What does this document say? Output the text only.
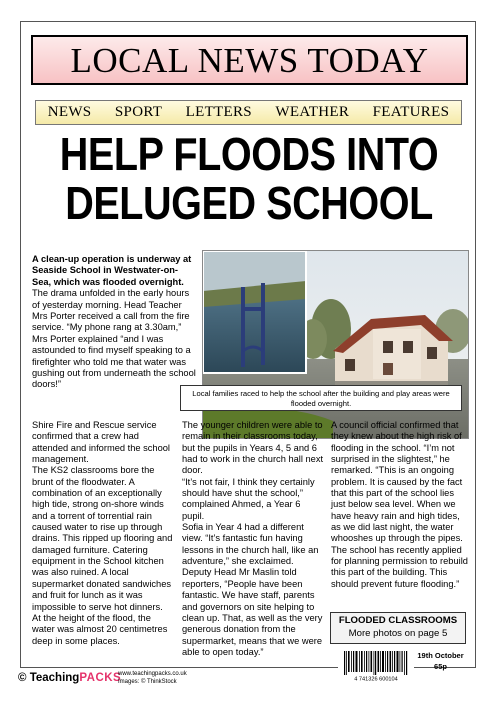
LOCAL NEWS TODAY
NEWS SPORT LETTERS WEATHER FEATURES
HELP FLOODS INTO
DELUGED SCHOOL
A clean-up operation is underway at Seaside School in Westwater-on-Sea, which was flooded overnight.
The drama unfolded in the early hours of yesterday morning. Head Teacher Mrs Porter received a call from the fire service. “My phone rang at 3.30am,” Mrs Porter explained “and I was astounded to find myself speaking to a firefighter who told me that water was gushing out from underneath the school doors!”
Local families raced to help the school after the building and play areas were flooded overnight.

Shire Fire and Rescue service confirmed that a crew had attended and informed the school management.

The KS2 classrooms bore the brunt of the floodwater. A combination of an exceptionally high tide, strong on-shore winds and a torrent of torrential rain caused water to rise up through drains. This ripped up flooring and damaged furniture. Catering equipment in the School kitchen was also ruined. A local supermarket donated sandwiches and fruit for lunch as it was impossible to serve hot dinners.

At the height of the flood, the water was almost 20 centimetres deep in some places.

The younger children were able to remain in their classrooms today, but the pupils in Years 4, 5 and 6 had to work in the church hall next door.

“It’s not fair, I think they certainly should have shut the school,” complained Ahmed, a Year 6 pupil.

Sofia in Year 4 had a different view. “It’s fantastic fun having lessons in the church hall, like an adventure,” she exclaimed.

Deputy Head Mr Maslin told reporters, “People have been fantastic. We have staff, parents and governors on site helping to clean up. That, as well as the very generous donation from the supermarket, means that we were able to open today.”

A council official confirmed that they knew about the high risk of flooding in the school. “I’m not surprised in the slightest,” he remarked. “This is an ongoing problem. It is caused by the fact that this part of the school lies just below sea level. When we have heavy rain and high tides, as we did last night, the water whooshes up through the pipes. The school has recently applied for planning permission to rebuild this part of the building. This should prevent future flooding.”

FLOODED CLASSROOMS
More photos on page 5
4 741326 600104
19th October
65p
© TeachingPACKS
www.teachingpacks.co.uk
Images: © ThinkStock
